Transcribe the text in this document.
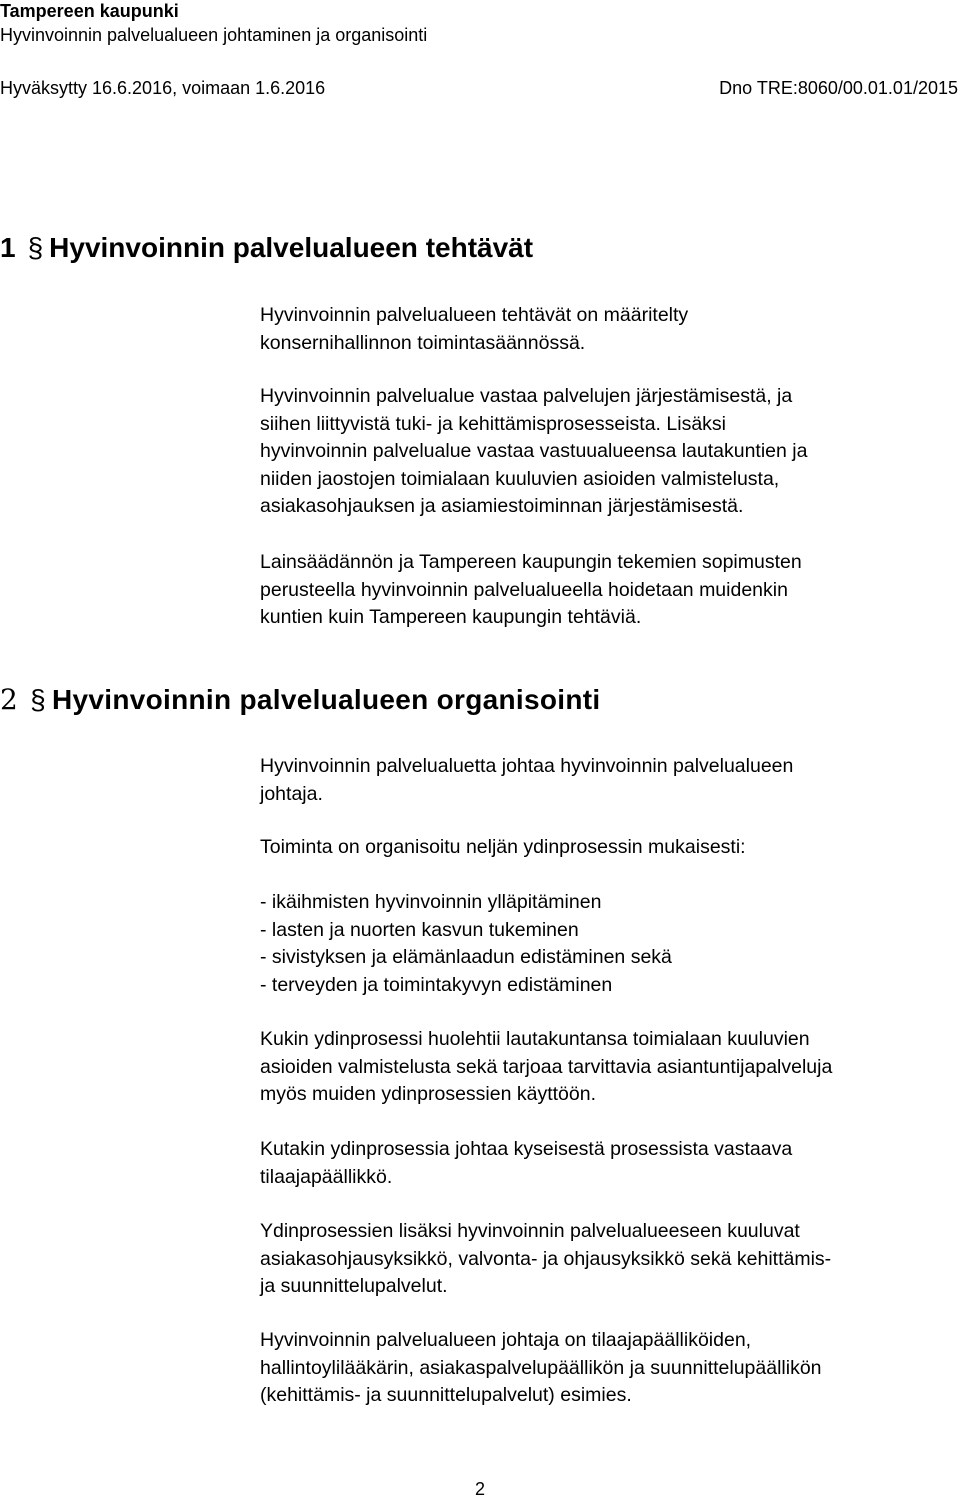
Tampereen kaupunki
Hyvinvoinnin palvelualueen johtaminen ja organisointi
Hyväksytty 16.6.2016, voimaan 1.6.2016	Dno TRE:8060/00.01.01/2015
1 § Hyvinvoinnin palvelualueen tehtävät
Hyvinvoinnin palvelualueen tehtävät on määritelty
konsernihallinnon toimintasäännössä.
Hyvinvoinnin palvelualue vastaa palvelujen järjestämisestä, ja
siihen liittyvistä tuki- ja kehittämisprosesseista. Lisäksi
hyvinvoinnin palvelualue vastaa vastuualueensa lautakuntien ja
niiden jaostojen toimialaan kuuluvien asioiden valmistelusta,
asiakasohjauksen ja asiamiestoiminnan järjestämisestä.
Lainsäädännön ja Tampereen kaupungin tekemien sopimusten
perusteella hyvinvoinnin palvelualueella hoidetaan muidenkin
kuntien kuin Tampereen kaupungin tehtäviä.
2 § Hyvinvoinnin palvelualueen organisointi
Hyvinvoinnin palvelualuetta johtaa hyvinvoinnin palvelualueen
johtaja.
Toiminta on organisoitu neljän ydinprosessin mukaisesti:
- ikäihmisten hyvinvoinnin ylläpitäminen
- lasten ja nuorten kasvun tukeminen
- sivistyksen ja elämänlaadun edistäminen sekä
- terveyden ja toimintakyvyn edistäminen
Kukin ydinprosessi huolehtii lautakuntansa toimialaan kuuluvien
asioiden valmistelusta sekä tarjoaa tarvittavia asiantuntijapalveluja
myös muiden ydinprosessien käyttöön.
Kutakin ydinprosessia johtaa kyseisestä prosessista vastaava
tilaajapäällikkö.
Ydinprosessien lisäksi hyvinvoinnin palvelualueeseen kuuluvat
asiakasohjausyksikkö, valvonta- ja ohjausyksikkö sekä kehittämis-
ja suunnittelupalvelut.
Hyvinvoinnin palvelualueen johtaja on tilaajapäälliköiden,
hallintoylilääkärin, asiakaspalvelupäällikön ja suunnittelupäällikön
(kehittämis- ja suunnittelupalvelut) esimies.
2
